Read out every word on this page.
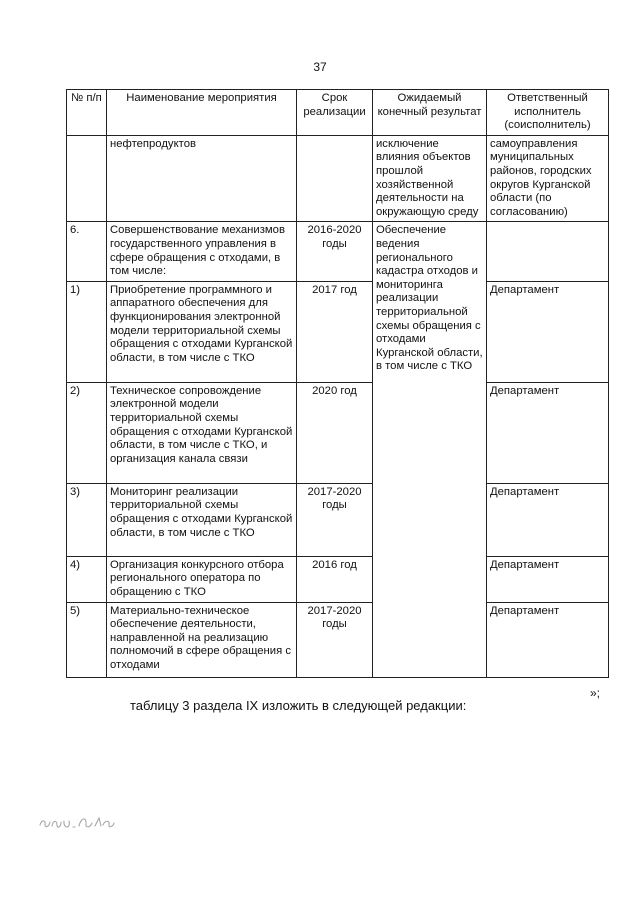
37
№ п/п	Наименование мероприятия	Срок реализации	Ожидаемый конечный результат	Ответственный исполнитель (соисполнитель)
	нефтепродуктов		исключение влияния объектов прошлой хозяйственной деятельности на окружающую среду	самоуправления муниципальных районов, городских округов Курганской области (по согласованию)
6.	Совершенствование механизмов государственного управления в сфере обращения с отходами, в том числе:	2016-2020 годы	Обеспечение ведения регионального кадастра отходов и мониторинга реализации территориальной схемы обращения с отходами Курганской области, в том числе с ТКО	
1)	Приобретение программного и аппаратного обеспечения для функционирования электронной модели территориальной схемы обращения с отходами Курганской области, в том числе с ТКО	2017 год		Департамент
2)	Техническое сопровождение электронной модели территориальной схемы обращения с отходами Курганской области, в том числе с ТКО, и организация канала связи	2020 год		Департамент
3)	Мониторинг реализации территориальной схемы обращения с отходами Курганской области, в том числе с ТКО	2017-2020 годы		Департамент
4)	Организация конкурсного отбора регионального оператора по обращению с ТКО	2016 год		Департамент
5)	Материально-техническое обеспечение деятельности, направленной на реализацию полномочий в сфере обращения с отходами	2017-2020 годы		Департамент
»;
таблицу 3 раздела IX изложить в следующей редакции:
